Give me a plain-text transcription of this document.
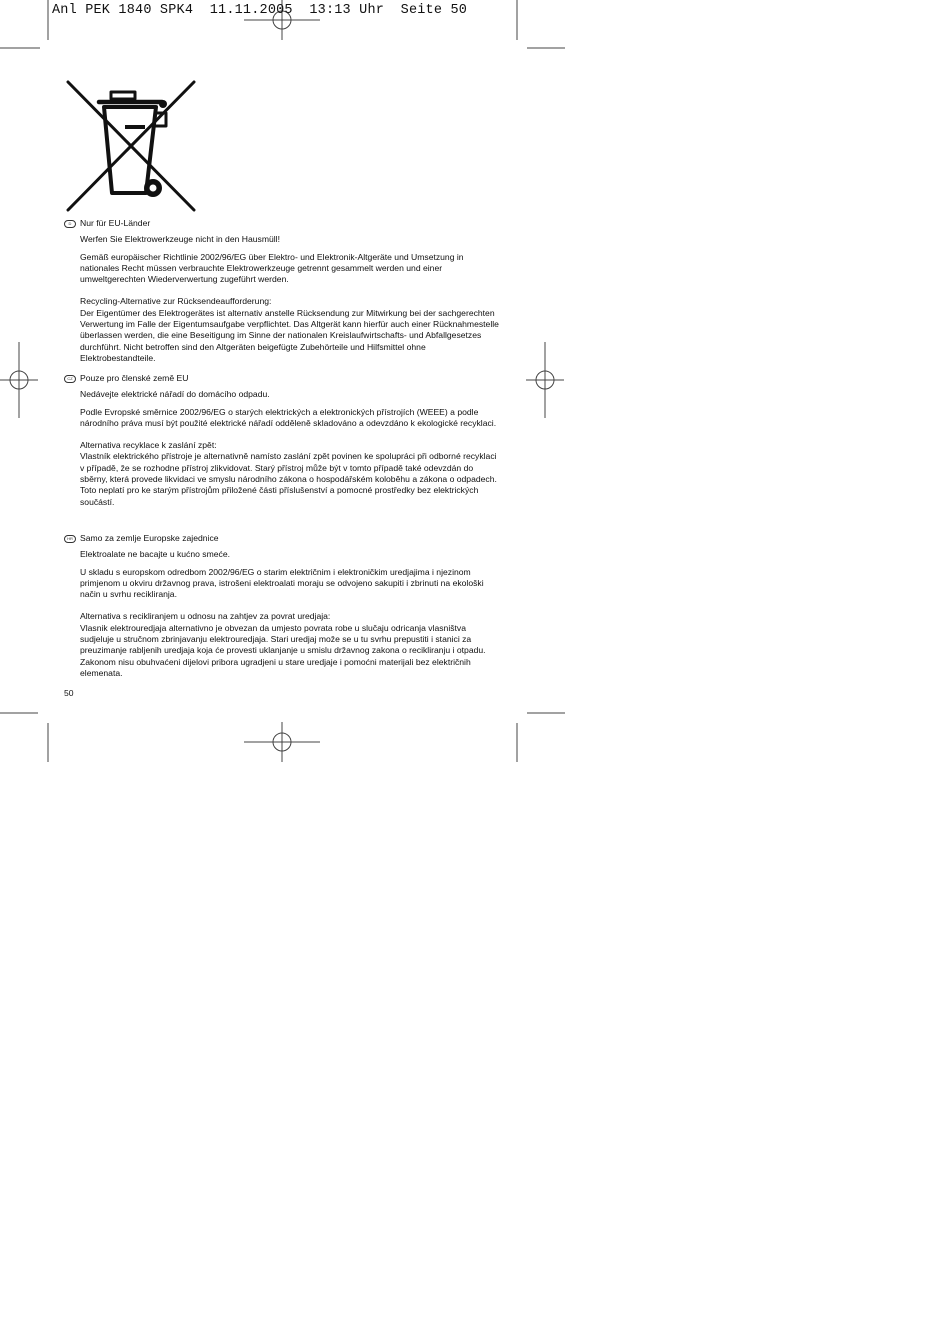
Anl PEK 1840 SPK4  11.11.2005  13:13 Uhr  Seite 50
D Nur für EU-Länder

Werfen Sie Elektrowerkzeuge nicht in den Hausmüll!

Gemäß europäischer Richtlinie 2002/96/EG über Elektro- und Elektronik-Altgeräte und Umsetzung in nationales Recht müssen verbrauchte Elektrowerkzeuge getrennt gesammelt werden und einer umweltgerechten Wiederverwertung zugeführt werden.

Recycling-Alternative zur Rücksendeaufforderung:

Der Eigentümer des Elektrogerätes ist alternativ anstelle Rücksendung zur Mitwirkung bei der sachgerechten Verwertung im Falle der Eigentumsaufgabe verpflichtet. Das Altgerät kann hierfür auch einer Rücknahmestelle überlassen werden, die eine Beseitigung im Sinne der nationalen Kreislaufwirtschafts- und Abfallgesetzes durchführt. Nicht betroffen sind den Altgeräten beigefügte Zubehörteile und Hilfsmittel ohne Elektrobestandteile.

CZ Pouze pro členské země EU

Nedávejte elektrické nářadí do domácího odpadu.

Podle Evropské směrnice 2002/96/EG o starých elektrických a elektronických přístrojích (WEEE) a podle národního práva musí být použité elektrické nářadí odděleně skladováno a odevzdáno k ekologické recyklaci.

Alternativa recyklace k zaslání zpět:

Vlastník elektrického přístroje je alternativně namísto zaslání zpět povinen ke spolupráci při odborné recyklaci v případě, že se rozhodne přístroj zlikvidovat. Starý přístroj může být v tomto případě také odevzdán do sběrny, která provede likvidaci ve smyslu národního zákona o hospodářském koloběhu a zákona o odpadech. Toto neplatí pro ke starým přístrojům přiložené části příslušenství a pomocné prostředky bez elektrických součástí.

HR Samo za zemlje Europske zajednice

Elektroalate ne bacajte u kućno smeće.

U skladu s europskom odredbom 2002/96/EG o starim električnim i elektroničkim uredjajima i njezinom primjenom u okviru državnog prava, istrošeni elektroalati moraju se odvojeno sakupiti i zbrinuti na ekološki način u svrhu recikliranja.

Alternativa s recikliranjem u odnosu na zahtjev za povrat uredjaja:

Vlasnik elektrouredjaja alternativno je obvezan da umjesto povrata robe u slučaju odricanja vlasništva sudjeluje u stručnom zbrinjavanju elektrouredjaja. Stari uredjaj može se u tu svrhu prepustiti i stanici za preuzimanje rabljenih uredjaja koja će provesti uklanjanje u smislu državnog zakona o recikliranju i otpadu. Zakonom nisu obuhvaćeni dijelovi pribora ugradjeni u stare uredjaje i pomoćni materijali bez električnih elemenata.

50
